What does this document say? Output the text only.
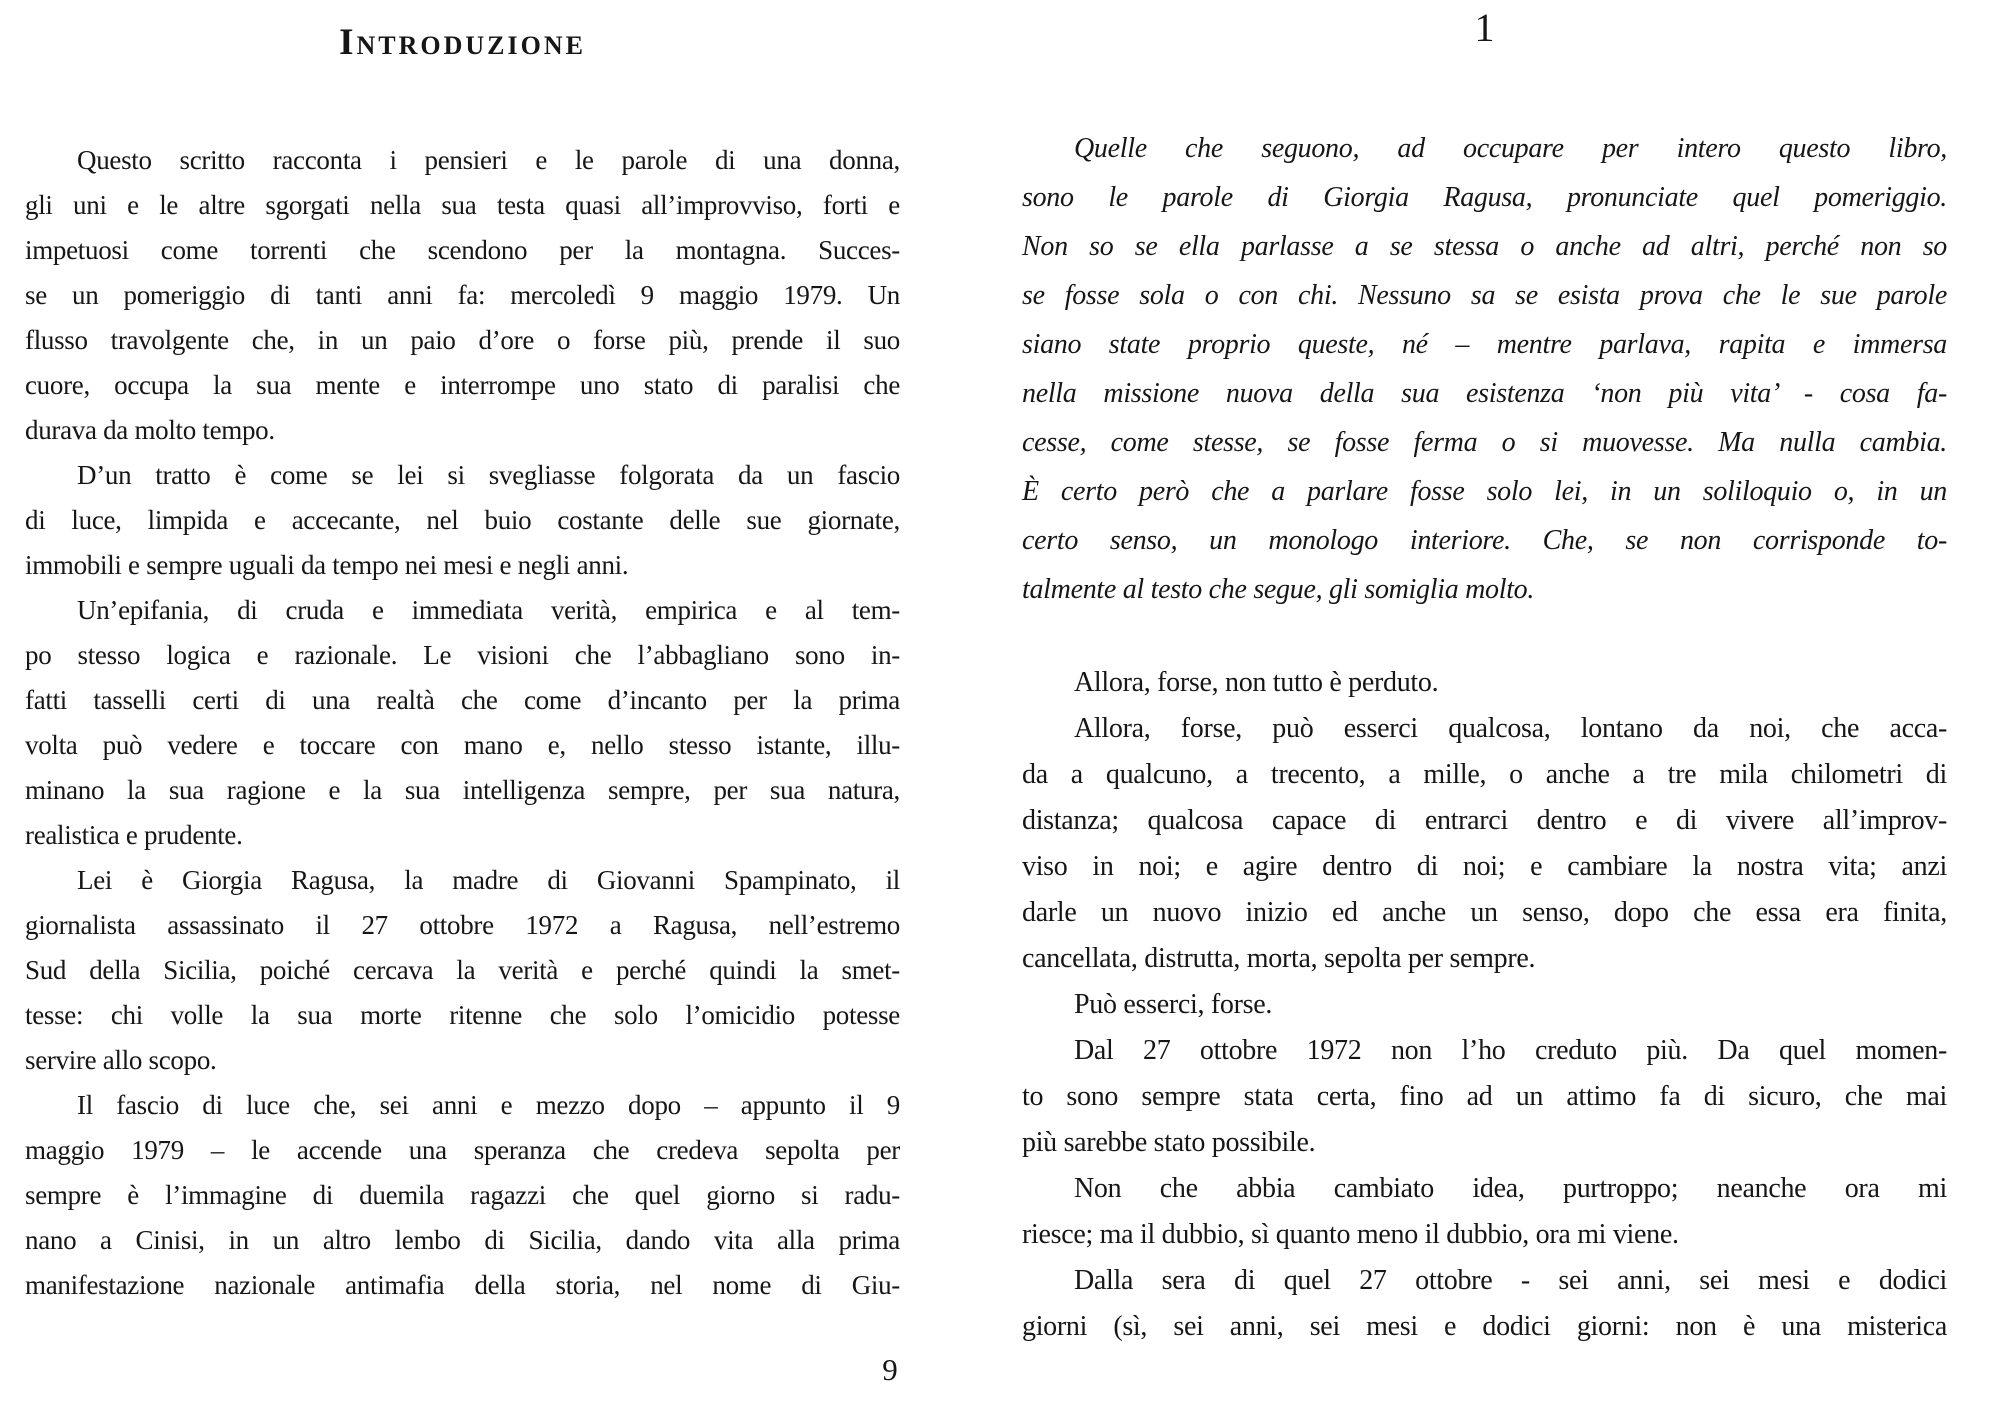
Introduzione
Questo scritto racconta i pensieri e le parole di una donna,
gli uni e le altre sgorgati nella sua testa quasi all’improvviso, forti e
impetuosi come torrenti che scendono per la montagna. Succes-
se un pomeriggio di tanti anni fa: mercoledì 9 maggio 1979. Un
flusso travolgente che, in un paio d’ore o forse più, prende il suo
cuore, occupa la sua mente e interrompe uno stato di paralisi che
durava da molto tempo.
D’un tratto è come se lei si svegliasse folgorata da un fascio
di luce, limpida e accecante, nel buio costante delle sue giornate,
immobili e sempre uguali da tempo nei mesi e negli anni.
Un’epifania, di cruda e immediata verità, empirica e al tem-
po stesso logica e razionale. Le visioni che l’abbagliano sono in-
fatti tasselli certi di una realtà che come d’incanto per la prima
volta può vedere e toccare con mano e, nello stesso istante, illu-
minano la sua ragione e la sua intelligenza sempre, per sua natura,
realistica e prudente.
Lei è Giorgia Ragusa, la madre di Giovanni Spampinato, il
giornalista assassinato il 27 ottobre 1972 a Ragusa, nell’estremo
Sud della Sicilia, poiché cercava la verità e perché quindi la smet-
tesse: chi volle la sua morte ritenne che solo l’omicidio potesse
servire allo scopo.
Il fascio di luce che, sei anni e mezzo dopo – appunto il 9
maggio 1979 – le accende una speranza che credeva sepolta per
sempre è l’immagine di duemila ragazzi che quel giorno si radu-
nano a Cinisi, in un altro lembo di Sicilia, dando vita alla prima
manifestazione nazionale antimafia della storia, nel nome di Giu-
9
1
Quelle che seguono, ad occupare per intero questo libro,
sono le parole di Giorgia Ragusa, pronunciate quel pomeriggio.
Non so se ella parlasse a se stessa o anche ad altri, perché non so
se fosse sola o con chi. Nessuno sa se esista prova che le sue parole
siano state proprio queste, né – mentre parlava, rapita e immersa
nella missione nuova della sua esistenza ‘non più vita’ - cosa fa-
cesse, come stesse, se fosse ferma o si muovesse. Ma nulla cambia.
È certo però che a parlare fosse solo lei, in un soliloquio o, in un
certo senso, un monologo interiore. Che, se non corrisponde to-
talmente al testo che segue, gli somiglia molto.
Allora, forse, non tutto è perduto.
Allora, forse, può esserci qualcosa, lontano da noi, che acca-
da a qualcuno, a trecento, a mille, o anche a tre mila chilometri di
distanza; qualcosa capace di entrarci dentro e di vivere all’improv-
viso in noi; e agire dentro di noi; e cambiare la nostra vita; anzi
darle un nuovo inizio ed anche un senso, dopo che essa era finita,
cancellata, distrutta, morta, sepolta per sempre.
Può esserci, forse.
Dal 27 ottobre 1972 non l’ho creduto più. Da quel momen-
to sono sempre stata certa, fino ad un attimo fa di sicuro, che mai
più sarebbe stato possibile.
Non che abbia cambiato idea, purtroppo; neanche ora mi
riesce; ma il dubbio, sì quanto meno il dubbio, ora mi viene.
Dalla sera di quel 27 ottobre - sei anni, sei mesi e dodici
giorni (sì, sei anni, sei mesi e dodici giorni: non è una misterica
